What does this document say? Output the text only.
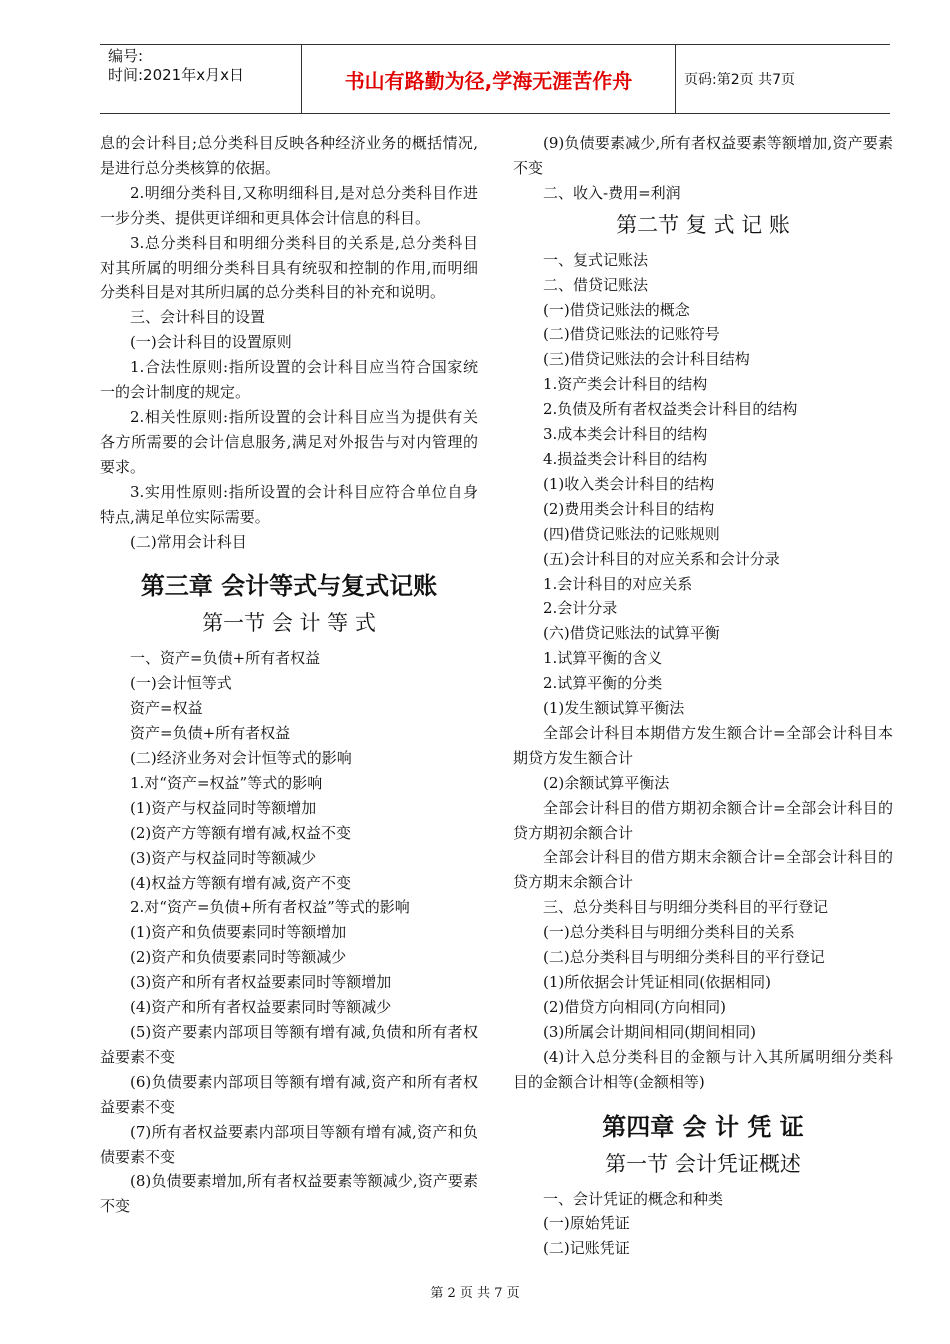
编号:
时间:2021年x月x日	书山有路勤为径,学海无涯苦作舟	页码:第2页 共7页

息的会计科目;总分类科目反映各种经济业务的概括情况,是进行总分类核算的依据。

2.明细分类科目,又称明细科目,是对总分类科目作进一步分类、提供更详细和更具体会计信息的科目。

3.总分类科目和明细分类科目的关系是,总分类科目对其所属的明细分类科目具有统驭和控制的作用,而明细分类科目是对其所归属的总分类科目的补充和说明。

三、会计科目的设置

(一)会计科目的设置原则

1.合法性原则:指所设置的会计科目应当符合国家统一的会计制度的规定。

2.相关性原则:指所设置的会计科目应当为提供有关各方所需要的会计信息服务,满足对外报告与对内管理的要求。

3.实用性原则:指所设置的会计科目应符合单位自身特点,满足单位实际需要。

(二)常用会计科目

第三章 会计等式与复式记账
第一节 会 计 等 式

一、资产=负债+所有者权益

(一)会计恒等式

资产=权益

资产=负债+所有者权益

(二)经济业务对会计恒等式的影响

1.对“资产=权益”等式的影响

(1)资产与权益同时等额增加

(2)资产方等额有增有减,权益不变

(3)资产与权益同时等额减少

(4)权益方等额有增有减,资产不变

2.对“资产=负债+所有者权益”等式的影响

(1)资产和负债要素同时等额增加

(2)资产和负债要素同时等额减少

(3)资产和所有者权益要素同时等额增加

(4)资产和所有者权益要素同时等额减少

(5)资产要素内部项目等额有增有减,负债和所有者权益要素不变

(6)负债要素内部项目等额有增有减,资产和所有者权益要素不变

(7)所有者权益要素内部项目等额有增有减,资产和负债要素不变

(8)负债要素增加,所有者权益要素等额减少,资产要素不变

(9)负债要素减少,所有者权益要素等额增加,资产要素不变

二、收入-费用=利润

第二节 复 式 记 账

一、复式记账法

二、借贷记账法

(一)借贷记账法的概念

(二)借贷记账法的记账符号

(三)借贷记账法的会计科目结构

1.资产类会计科目的结构

2.负债及所有者权益类会计科目的结构

3.成本类会计科目的结构

4.损益类会计科目的结构

(1)收入类会计科目的结构

(2)费用类会计科目的结构

(四)借贷记账法的记账规则

(五)会计科目的对应关系和会计分录

1.会计科目的对应关系

2.会计分录

(六)借贷记账法的试算平衡

1.试算平衡的含义

2.试算平衡的分类

(1)发生额试算平衡法

全部会计科目本期借方发生额合计=全部会计科目本期贷方发生额合计

(2)余额试算平衡法

全部会计科目的借方期初余额合计=全部会计科目的贷方期初余额合计

全部会计科目的借方期末余额合计=全部会计科目的贷方期末余额合计

三、总分类科目与明细分类科目的平行登记

(一)总分类科目与明细分类科目的关系

(二)总分类科目与明细分类科目的平行登记

(1)所依据会计凭证相同(依据相同)

(2)借贷方向相同(方向相同)

(3)所属会计期间相同(期间相同)

(4)计入总分类科目的金额与计入其所属明细分类科目的金额合计相等(金额相等)

第四章 会 计 凭 证
第一节 会计凭证概述

一、会计凭证的概念和种类

(一)原始凭证

(二)记账凭证

第 2 页 共 7 页
